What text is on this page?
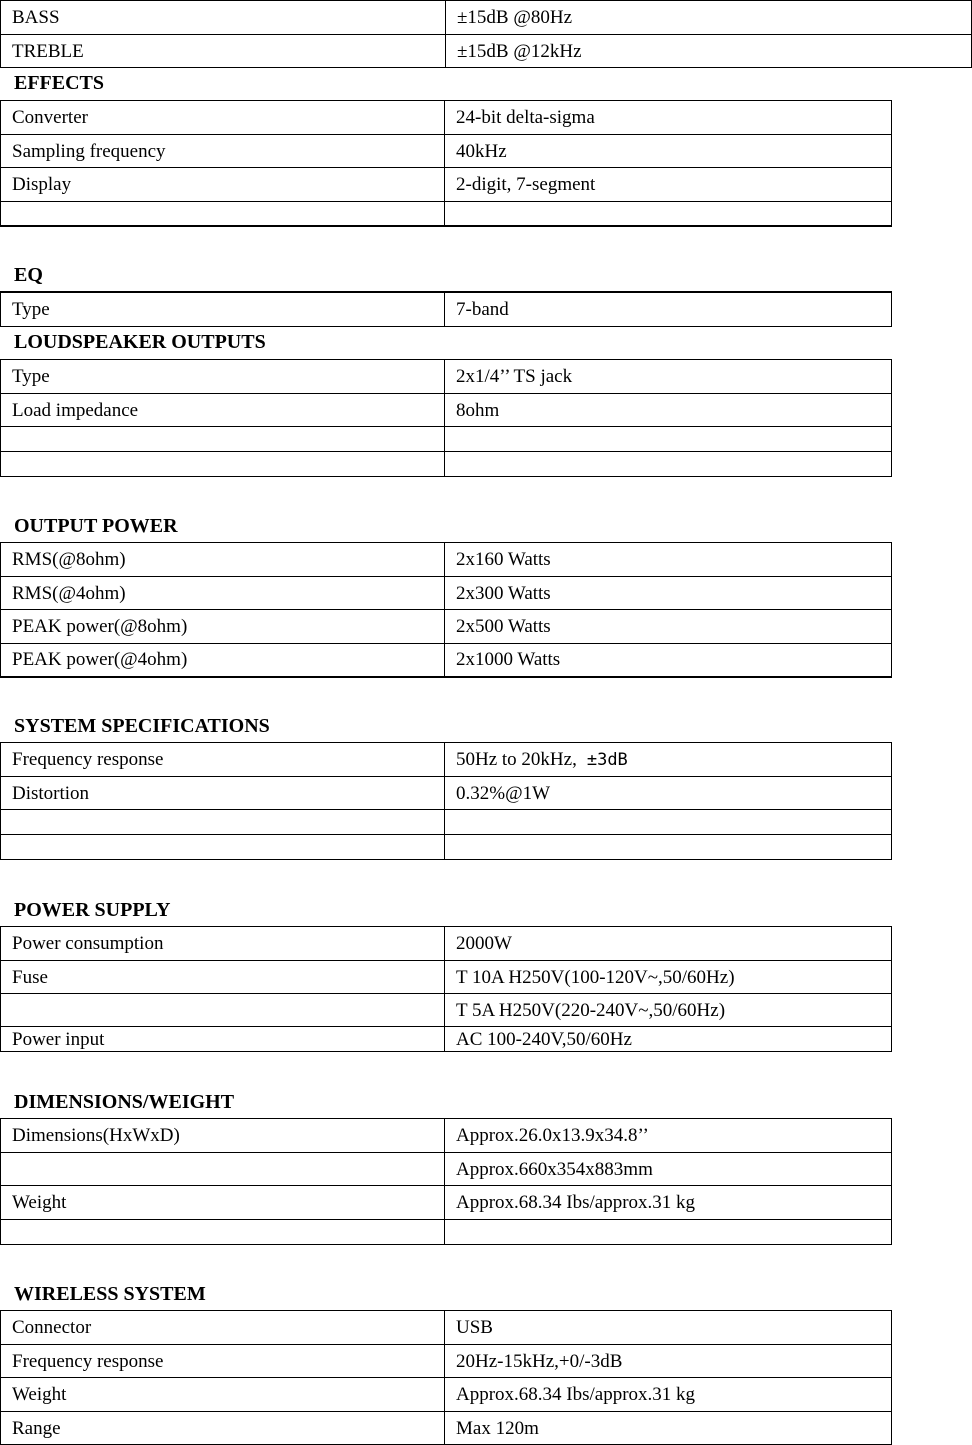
BASS	±15dB @80Hz
TREBLE	±15dB @12kHz
EFFECTS
Converter	24-bit delta-sigma
Sampling frequency	40kHz
Display	2-digit, 7-segment

EQ
Type	7-band
LOUDSPEAKER OUTPUTS
Type	2x1/4’’ TS jack
Load impedance	8ohm

OUTPUT POWER
RMS(@8ohm)	2x160 Watts
RMS(@4ohm)	2x300 Watts
PEAK power(@8ohm)	2x500 Watts
PEAK power(@4ohm)	2x1000 Watts
SYSTEM SPECIFICATIONS
Frequency response	50Hz to 20kHz, ±3dB
Distortion	0.32%@1W

POWER SUPPLY
Power consumption	2000W
Fuse	T 10A H250V(100-120V~,50/60Hz)
	T 5A H250V(220-240V~,50/60Hz)
Power input	AC 100-240V,50/60Hz
DIMENSIONS/WEIGHT
Dimensions(HxWxD)	Approx.26.0x13.9x34.8’’
	Approx.660x354x883mm
Weight	Approx.68.34 Ibs/approx.31 kg

WIRELESS SYSTEM
Connector	USB
Frequency response	20Hz-15kHz,+0/-3dB
Weight	Approx.68.34 Ibs/approx.31 kg
Range	Max 120m
